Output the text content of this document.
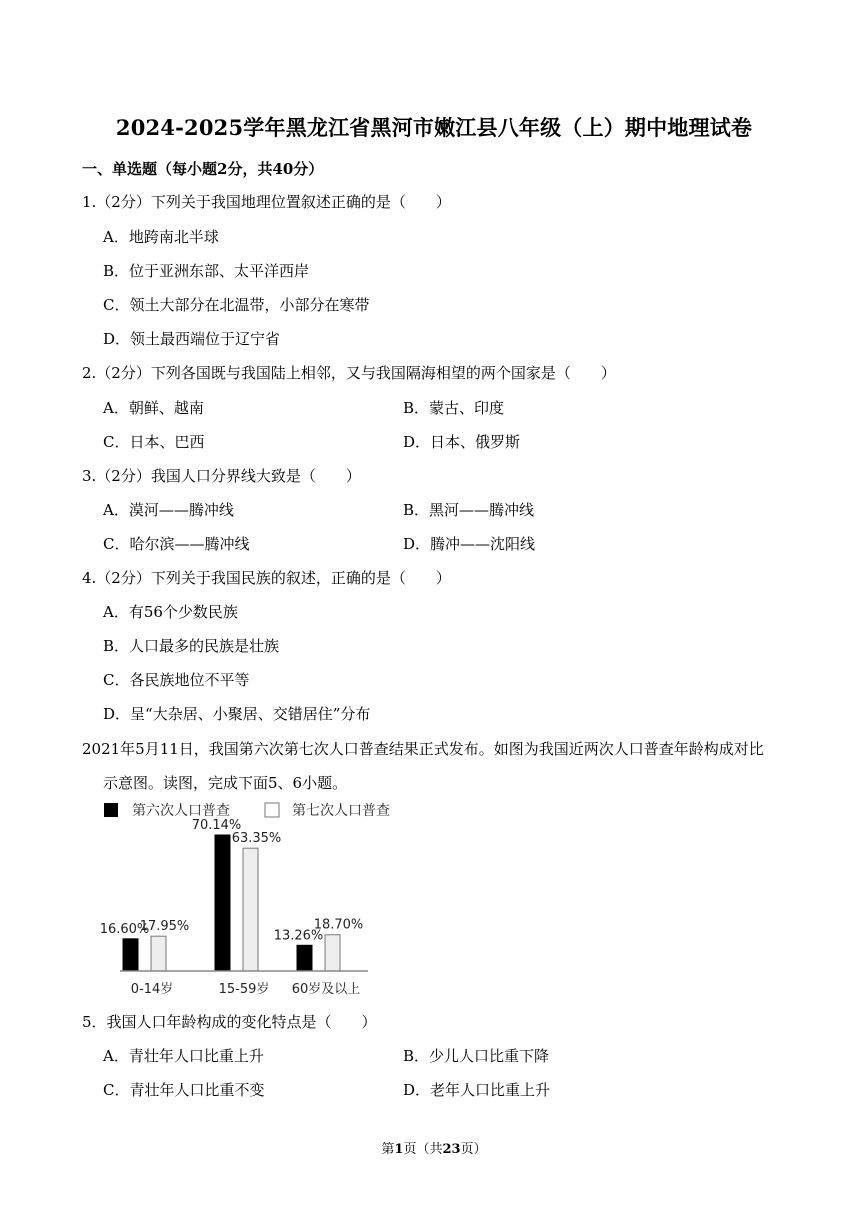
2024-2025学年黑龙江省黑河市嫩江县八年级（上）期中地理试卷
一、单选题（每小题2分，共40分）
1.（2分）下列关于我国地理位置叙述正确的是（　　）
A．地跨南北半球
B．位于亚洲东部、太平洋西岸
C．领土大部分在北温带，小部分在寒带
D．领土最西端位于辽宁省
2.（2分）下列各国既与我国陆上相邻，又与我国隔海相望的两个国家是（　　）
A．朝鲜、越南	B．蒙古、印度
C．日本、巴西	D．日本、俄罗斯
3.（2分）我国人口分界线大致是（　　）
A．漠河——腾冲线	B．黑河——腾冲线
C．哈尔滨——腾冲线	D．腾冲——沈阳线
4.（2分）下列关于我国民族的叙述，正确的是（　　）
A．有56个少数民族
B．人口最多的民族是壮族
C．各民族地位不平等
D．呈“大杂居、小聚居、交错居住”分布
2021年5月11日，我国第六次第七次人口普查结果正式发布。如图为我国近两次人口普查年龄构成对比
示意图。读图，完成下面5、6小题。
第六次人口普查	第七次人口普查
16.60%
17.95%
0-14岁
70.14%
63.35%
15-59岁
13.26%
18.70%
60岁及以上
5．我国人口年龄构成的变化特点是（　　）
A．青壮年人口比重上升	B．少儿人口比重下降
C．青壮年人口比重不变	D．老年人口比重上升
第1页（共23页）
